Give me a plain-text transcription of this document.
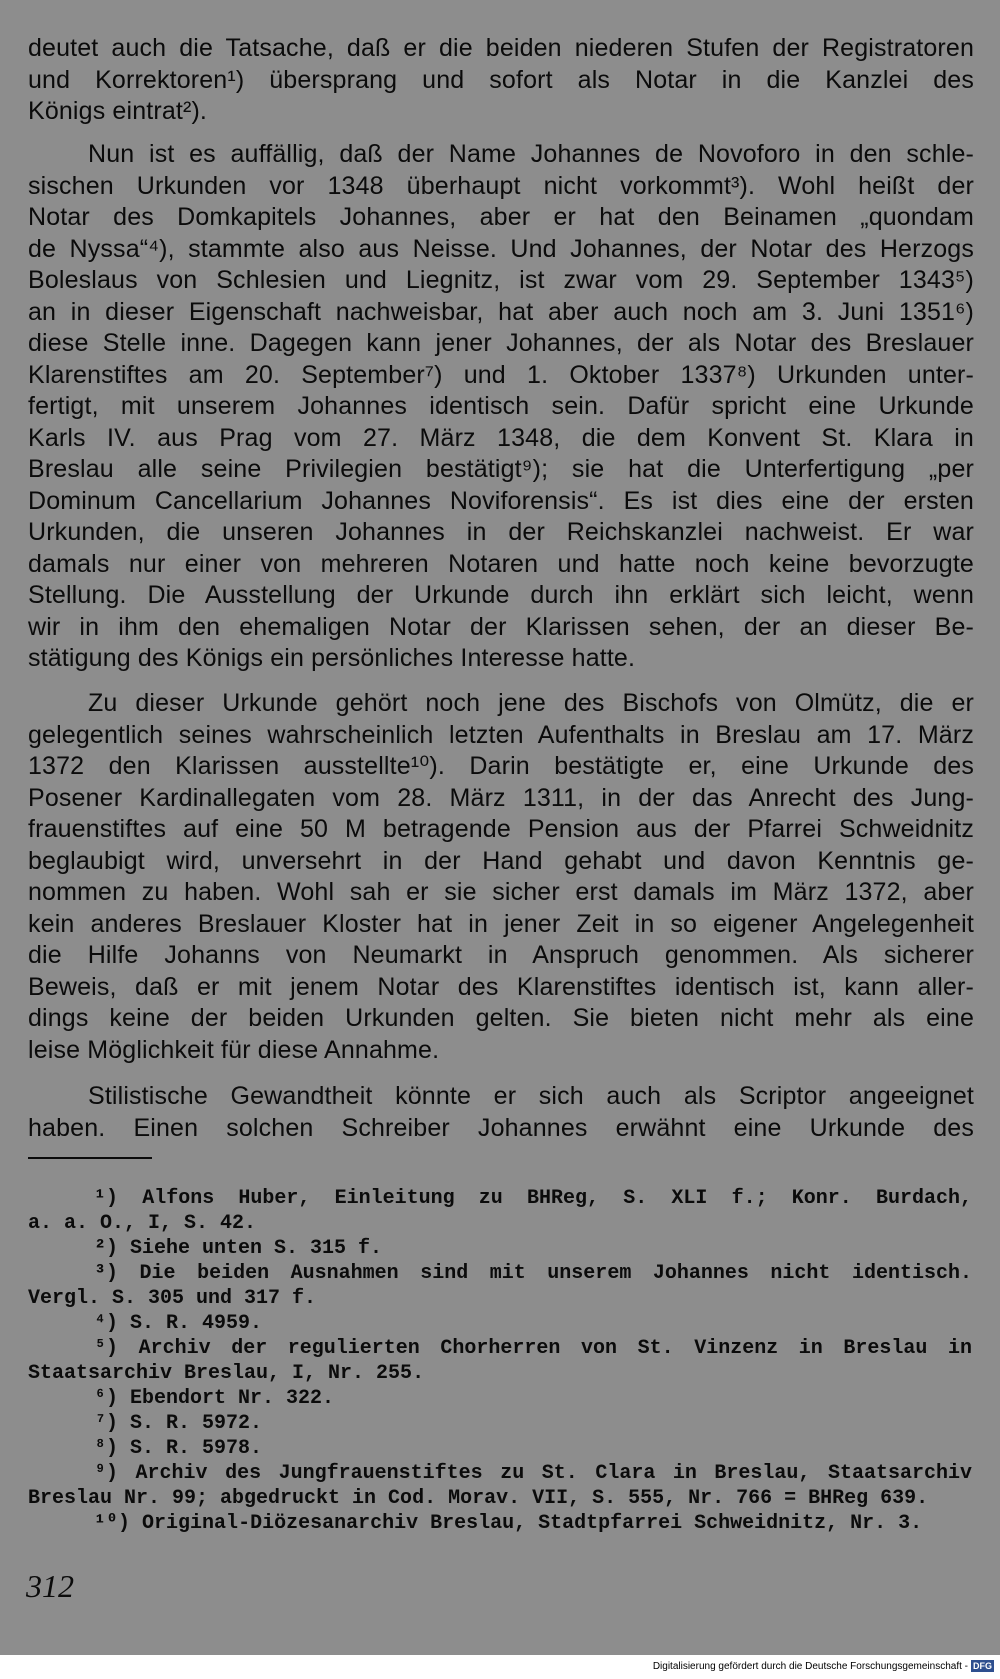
deutet auch die Tatsache, daß er die beiden niederen Stufen der Registratoren
und Korrektoren¹) übersprang und sofort als Notar in die Kanzlei des
Königs eintrat²).
Nun ist es auffällig, daß der Name Johannes de Novoforo in den schle-
sischen Urkunden vor 1348 überhaupt nicht vorkommt³). Wohl heißt der
Notar des Domkapitels Johannes, aber er hat den Beinamen „quondam
de Nyssa“⁴), stammte also aus Neisse. Und Johannes, der Notar des Herzogs
Boleslaus von Schlesien und Liegnitz, ist zwar vom 29. September 1343⁵)
an in dieser Eigenschaft nachweisbar, hat aber auch noch am 3. Juni 1351⁶)
diese Stelle inne. Dagegen kann jener Johannes, der als Notar des Breslauer
Klarenstiftes am 20. September⁷) und 1. Oktober 1337⁸) Urkunden unter-
fertigt, mit unserem Johannes identisch sein. Dafür spricht eine Urkunde
Karls IV. aus Prag vom 27. März 1348, die dem Konvent St. Klara in
Breslau alle seine Privilegien bestätigt⁹); sie hat die Unterfertigung „per
Dominum Cancellarium Johannes Noviforensis“. Es ist dies eine der ersten
Urkunden, die unseren Johannes in der Reichskanzlei nachweist. Er war
damals nur einer von mehreren Notaren und hatte noch keine bevorzugte
Stellung. Die Ausstellung der Urkunde durch ihn erklärt sich leicht, wenn
wir in ihm den ehemaligen Notar der Klarissen sehen, der an dieser Be-
stätigung des Königs ein persönliches Interesse hatte.
Zu dieser Urkunde gehört noch jene des Bischofs von Olmütz, die er
gelegentlich seines wahrscheinlich letzten Aufenthalts in Breslau am 17. März
1372 den Klarissen ausstellte¹⁰). Darin bestätigte er, eine Urkunde des
Posener Kardinallegaten vom 28. März 1311, in der das Anrecht des Jung-
frauenstiftes auf eine 50 M betragende Pension aus der Pfarrei Schweidnitz
beglaubigt wird, unversehrt in der Hand gehabt und davon Kenntnis ge-
nommen zu haben. Wohl sah er sie sicher erst damals im März 1372, aber
kein anderes Breslauer Kloster hat in jener Zeit in so eigener Angelegenheit
die Hilfe Johanns von Neumarkt in Anspruch genommen. Als sicherer
Beweis, daß er mit jenem Notar des Klarenstiftes identisch ist, kann aller-
dings keine der beiden Urkunden gelten. Sie bieten nicht mehr als eine
leise Möglichkeit für diese Annahme.
Stilistische Gewandtheit könnte er sich auch als Scriptor angeeignet
haben. Einen solchen Schreiber Johannes erwähnt eine Urkunde des
¹) Alfons Huber, Einleitung zu BHReg, S. XLI f.; Konr. Burdach,
a. a. O., I, S. 42.
²) Siehe unten S. 315 f.
³) Die beiden Ausnahmen sind mit unserem Johannes nicht identisch.
Vergl. S. 305 und 317 f.
⁴) S. R. 4959.
⁵) Archiv der regulierten Chorherren von St. Vinzenz in Breslau in
Staatsarchiv Breslau, I, Nr. 255.
⁶) Ebendort Nr. 322.
⁷) S. R. 5972.
⁸) S. R. 5978.
⁹) Archiv des Jungfrauenstiftes zu St. Clara in Breslau, Staatsarchiv
Breslau Nr. 99; abgedruckt in Cod. Morav. VII, S. 555, Nr. 766 = BHReg 639.
¹⁰) Original-Diözesanarchiv Breslau, Stadtpfarrei Schweidnitz, Nr. 3.
312
Digitalisierung gefördert durch die Deutsche Forschungsgemeinschaft - DFG
